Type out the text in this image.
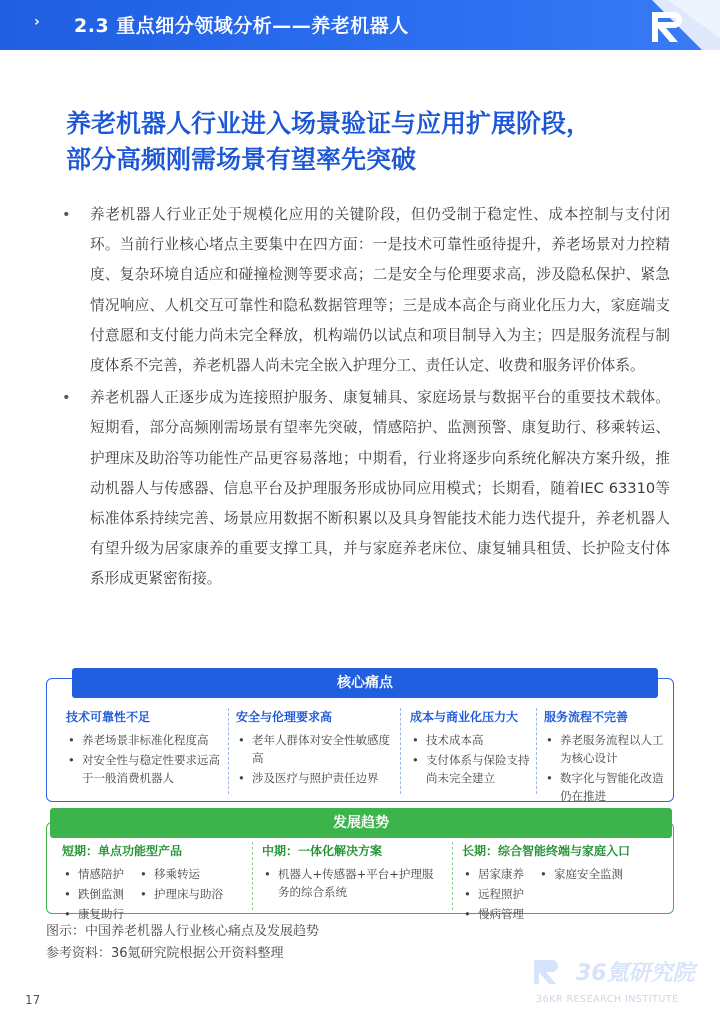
› 2.3 重点细分领域分析——养老机器人
养老机器人行业进入场景验证与应用扩展阶段，
部分高频刚需场景有望率先突破
• 养老机器人行业正处于规模化应用的关键阶段，但仍受制于稳定性、成本控制与支付闭环。当前行业核心堵点主要集中在四方面：一是技术可靠性亟待提升，养老场景对力控精度、复杂环境自适应和碰撞检测等要求高；二是安全与伦理要求高，涉及隐私保护、紧急情况响应、人机交互可靠性和隐私数据管理等；三是成本高企与商业化压力大，家庭端支付意愿和支付能力尚未完全释放，机构端仍以试点和项目制导入为主；四是服务流程与制度体系不完善，养老机器人尚未完全嵌入护理分工、责任认定、收费和服务评价体系。
• 养老机器人正逐步成为连接照护服务、康复辅具、家庭场景与数据平台的重要技术载体。短期看，部分高频刚需场景有望率先突破，情感陪护、监测预警、康复助行、移乘转运、护理床及助浴等功能性产品更容易落地；中期看，行业将逐步向系统化解决方案升级，推动机器人与传感器、信息平台及护理服务形成协同应用模式；长期看，随着IEC 63310等标准体系持续完善、场景应用数据不断积累以及具身智能技术能力迭代提升，养老机器人有望升级为居家康养的重要支撑工具，并与家庭养老床位、康复辅具租赁、长护险支付体系形成更紧密衔接。
核心痛点
技术可靠性不足
• 养老场景非标准化程度高
• 对安全性与稳定性要求远高于一般消费机器人
安全与伦理要求高
• 老年人群体对安全性敏感度高
• 涉及医疗与照护责任边界
成本与商业化压力大
• 技术成本高
• 支付体系与保险支持尚未完全建立
服务流程不完善
• 养老服务流程以人工为核心设计
• 数字化与智能化改造仍在推进
发展趋势
短期：单点功能型产品
• 情感陪护
• 跌倒监测
• 康复助行
• 移乘转运
• 护理床与助浴
中期：一体化解决方案
• 机器人+传感器+平台+护理服务的综合系统
长期：综合智能终端与家庭入口
• 居家康养
• 远程照护
• 慢病管理
• 家庭安全监测
图示：中国养老机器人行业核心痛点及发展趋势
参考资料：36氪研究院根据公开资料整理
17
36氪研究院
36KR RESEARCH INSTITUTE
